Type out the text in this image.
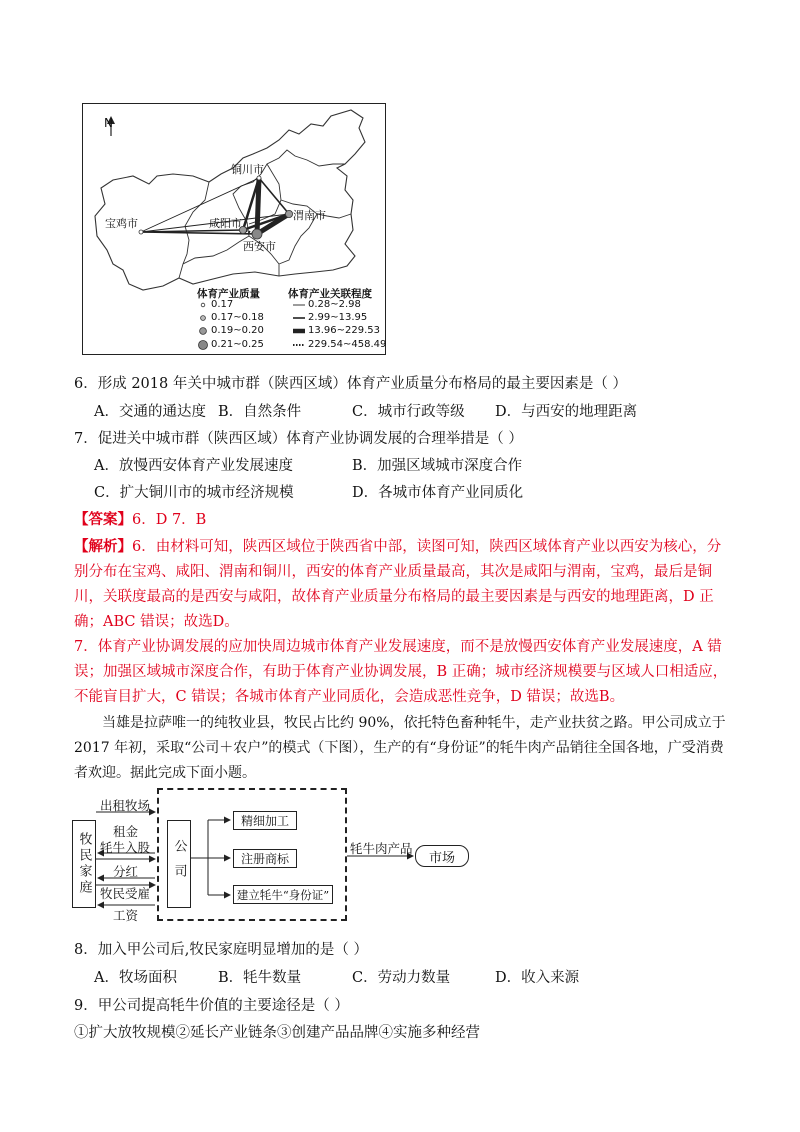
N
铜川市
宝鸡市	咸阳市
渭南市
西安市
体育产业质量
0.17
0.17~0.18
0.19~0.20
0.21~0.25
体育产业关联程度
0.28~2.98
2.99~13.95
13.96~229.53
229.54~458.49
6．形成 2018 年关中城市群（陕西区域）体育产业质量分布格局的最主要因素是（ ）
A．交通的通达度 B．自然条件	C．城市行政等级 D．与西安的地理距离
7．促进关中城市群（陕西区域）体育产业协调发展的合理举措是（ ）
A．放慢西安体育产业发展速度	B．加强区域城市深度合作
C．扩大铜川市的城市经济规模	D．各城市体育产业同质化
【答案】6．D 7．B
【解析】6．由材料可知，陕西区域位于陕西省中部，读图可知，陕西区域体育产业以西安为核心，分别分布在宝鸡、咸阳、渭南和铜川，西安的体育产业质量最高，其次是咸阳与渭南，宝鸡，最后是铜川，关联度最高的是西安与咸阳，故体育产业质量分布格局的最主要因素是与西安的地理距离，D 正确；ABC 错误；故选D。
7．体育产业协调发展的应加快周边城市体育产业发展速度，而不是放慢西安体育产业发展速度，A 错误；加强区域城市深度合作，有助于体育产业协调发展，B 正确；城市经济规模要与区域人口相适应，不能盲目扩大，C 错误；各城市体育产业同质化，会造成恶性竞争，D 错误；故选B。
当雄是拉萨唯一的纯牧业县，牧民占比约 90%，依托特色畜种牦牛，走产业扶贫之路。甲公司成立于 2017 年初，采取“公司＋农户”的模式（下图），生产的有“身份证”的牦牛肉产品销往全国各地，广受消费者欢迎。据此完成下面小题。
牧民家庭	公司
出租牧场
租金
牦牛入股
分红
牧民受雇
工资
精细加工
注册商标
建立牦牛“身份证”
牦牛肉产品
市场
8．加入甲公司后,牧民家庭明显增加的是（ ）
A．牧场面积	B．牦牛数量	C．劳动力数量	D．收入来源
9．甲公司提高牦牛价值的主要途径是（ ）
①扩大放牧规模②延长产业链条③创建产品品牌④实施多种经营
